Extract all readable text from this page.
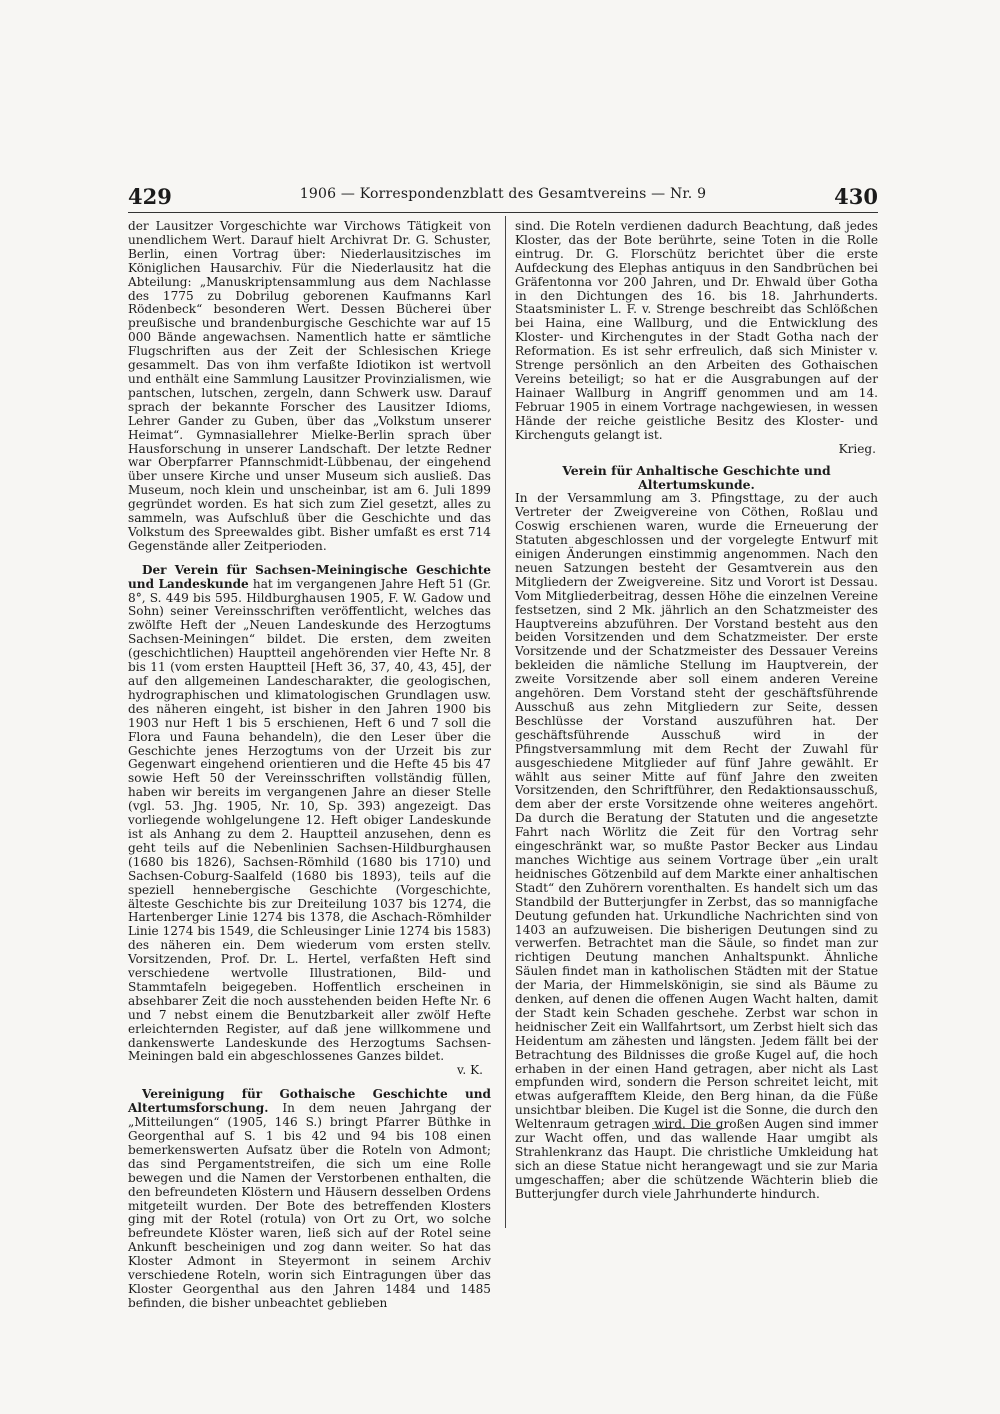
429	1906 — Korrespondenzblatt des Gesamtvereins — Nr. 9	430

der Lausitzer Vorgeschichte war Virchows Tätigkeit von unendlichem Wert. Darauf hielt Archivrat Dr. G. Schuster, Berlin, einen Vortrag über: Niederlausitzisches im Königlichen Hausarchiv. Für die Niederlausitz hat die Abteilung: „Manuskriptensammlung aus dem Nachlasse des 1775 zu Dobrilug geborenen Kaufmanns Karl Rödenbeck“ besonderen Wert. Dessen Bücherei über preußische und brandenburgische Geschichte war auf 15 000 Bände angewachsen. Namentlich hatte er sämtliche Flugschriften aus der Zeit der Schlesischen Kriege gesammelt. Das von ihm verfaßte Idiotikon ist wertvoll und enthält eine Sammlung Lausitzer Provinzialismen, wie pantschen, lutschen, zergeln, dann Schwerk usw. Darauf sprach der bekannte Forscher des Lausitzer Idioms, Lehrer Gander zu Guben, über das „Volkstum unserer Heimat“. Gymnasiallehrer Mielke-Berlin sprach über Hausforschung in unserer Landschaft. Der letzte Redner war Oberpfarrer Pfannschmidt-Lübbenau, der eingehend über unsere Kirche und unser Museum sich ausließ. Das Museum, noch klein und unscheinbar, ist am 6. Juli 1899 gegründet worden. Es hat sich zum Ziel gesetzt, alles zu sammeln, was Aufschluß über die Geschichte und das Volkstum des Spreewaldes gibt. Bisher umfaßt es erst 714 Gegenstände aller Zeitperioden.

Der Verein für Sachsen-Meiningische Geschichte und Landeskunde hat im vergangenen Jahre Heft 51 (Gr. 8°, S. 449 bis 595. Hildburghausen 1905, F. W. Gadow und Sohn) seiner Vereinsschriften veröffentlicht, welches das zwölfte Heft der „Neuen Landeskunde des Herzogtums Sachsen-Meiningen“ bildet. Die ersten, dem zweiten (geschichtlichen) Hauptteil angehörenden vier Hefte Nr. 8 bis 11 (vom ersten Hauptteil [Heft 36, 37, 40, 43, 45], der auf den allgemeinen Landescharakter, die geologischen, hydrographischen und klimatologischen Grundlagen usw. des näheren eingeht, ist bisher in den Jahren 1900 bis 1903 nur Heft 1 bis 5 erschienen, Heft 6 und 7 soll die Flora und Fauna behandeln), die den Leser über die Geschichte jenes Herzogtums von der Urzeit bis zur Gegenwart eingehend orientieren und die Hefte 45 bis 47 sowie Heft 50 der Vereinsschriften vollständig füllen, haben wir bereits im vergangenen Jahre an dieser Stelle (vgl. 53. Jhg. 1905, Nr. 10, Sp. 393) angezeigt. Das vorliegende wohlgelungene 12. Heft obiger Landeskunde ist als Anhang zu dem 2. Hauptteil anzusehen, denn es geht teils auf die Nebenlinien Sachsen-Hildburghausen (1680 bis 1826), Sachsen-Römhild (1680 bis 1710) und Sachsen-Coburg-Saalfeld (1680 bis 1893), teils auf die speziell hennebergische Geschichte (Vorgeschichte, älteste Geschichte bis zur Dreiteilung 1037 bis 1274, die Hartenberger Linie 1274 bis 1378, die Aschach-Römhilder Linie 1274 bis 1549, die Schleusinger Linie 1274 bis 1583) des näheren ein. Dem wiederum vom ersten stellv. Vorsitzenden, Prof. Dr. L. Hertel, verfaßten Heft sind verschiedene wertvolle Illustrationen, Bild- und Stammtafeln beigegeben. Hoffentlich erscheinen in absehbarer Zeit die noch ausstehenden beiden Hefte Nr. 6 und 7 nebst einem die Benutzbarkeit aller zwölf Hefte erleichternden Register, auf daß jene willkommene und dankenswerte Landeskunde des Herzogtums Sachsen-Meiningen bald ein abgeschlossenes Ganzes bildet.

v. K.

Vereinigung für Gothaische Geschichte und Altertumsforschung. In dem neuen Jahrgang der „Mitteilungen“ (1905, 146 S.) bringt Pfarrer Büthke in Georgenthal auf S. 1 bis 42 und 94 bis 108 einen bemerkenswerten Aufsatz über die Roteln von Admont; das sind Pergamentstreifen, die sich um eine Rolle bewegen und die Namen der Verstorbenen enthalten, die den befreundeten Klöstern und Häusern desselben Ordens mitgeteilt wurden. Der Bote des betreffenden Klosters ging mit der Rotel (rotula) von Ort zu Ort, wo solche befreundete Klöster waren, ließ sich auf der Rotel seine Ankunft bescheinigen und zog dann weiter. So hat das Kloster Admont in Steyermont in seinem Archiv verschiedene Roteln, worin sich Eintragungen über das Kloster Georgenthal aus den Jahren 1484 und 1485 befinden, die bisher unbeachtet geblieben

sind. Die Roteln verdienen dadurch Beachtung, daß jedes Kloster, das der Bote berührte, seine Toten in die Rolle eintrug. Dr. G. Florschütz berichtet über die erste Aufdeckung des Elephas antiquus in den Sandbrüchen bei Gräfentonna vor 200 Jahren, und Dr. Ehwald über Gotha in den Dichtungen des 16. bis 18. Jahrhunderts. Staatsminister L. F. v. Strenge beschreibt das Schlößchen bei Haina, eine Wallburg, und die Entwicklung des Kloster- und Kirchengutes in der Stadt Gotha nach der Reformation. Es ist sehr erfreulich, daß sich Minister v. Strenge persönlich an den Arbeiten des Gothaischen Vereins beteiligt; so hat er die Ausgrabungen auf der Hainaer Wallburg in Angriff genommen und am 14. Februar 1905 in einem Vortrage nachgewiesen, in wessen Hände der reiche geistliche Besitz des Kloster- und Kirchenguts gelangt ist.

Krieg.

Verein für Anhaltische Geschichte und Altertumskunde.

In der Versammlung am 3. Pfingsttage, zu der auch Vertreter der Zweigvereine von Cöthen, Roßlau und Coswig erschienen waren, wurde die Erneuerung der Statuten abgeschlossen und der vorgelegte Entwurf mit einigen Änderungen einstimmig angenommen. Nach den neuen Satzungen besteht der Gesamtverein aus den Mitgliedern der Zweigvereine. Sitz und Vorort ist Dessau. Vom Mitgliederbeitrag, dessen Höhe die einzelnen Vereine festsetzen, sind 2 Mk. jährlich an den Schatzmeister des Hauptvereins abzuführen. Der Vorstand besteht aus den beiden Vorsitzenden und dem Schatzmeister. Der erste Vorsitzende und der Schatzmeister des Dessauer Vereins bekleiden die nämliche Stellung im Hauptverein, der zweite Vorsitzende aber soll einem anderen Vereine angehören. Dem Vorstand steht der geschäftsführende Ausschuß aus zehn Mitgliedern zur Seite, dessen Beschlüsse der Vorstand auszuführen hat. Der geschäftsführende Ausschuß wird in der Pfingstversammlung mit dem Recht der Zuwahl für ausgeschiedene Mitglieder auf fünf Jahre gewählt. Er wählt aus seiner Mitte auf fünf Jahre den zweiten Vorsitzenden, den Schriftführer, den Redaktionsausschuß, dem aber der erste Vorsitzende ohne weiteres angehört. Da durch die Beratung der Statuten und die angesetzte Fahrt nach Wörlitz die Zeit für den Vortrag sehr eingeschränkt war, so mußte Pastor Becker aus Lindau manches Wichtige aus seinem Vortrage über „ein uralt heidnisches Götzenbild auf dem Markte einer anhaltischen Stadt“ den Zuhörern vorenthalten. Es handelt sich um das Standbild der Butterjungfer in Zerbst, das so mannigfache Deutung gefunden hat. Urkundliche Nachrichten sind von 1403 an aufzuweisen. Die bisherigen Deutungen sind zu verwerfen. Betrachtet man die Säule, so findet man zur richtigen Deutung manchen Anhaltspunkt. Ähnliche Säulen findet man in katholischen Städten mit der Statue der Maria, der Himmelskönigin, sie sind als Bäume zu denken, auf denen die offenen Augen Wacht halten, damit der Stadt kein Schaden geschehe. Zerbst war schon in heidnischer Zeit ein Wallfahrtsort, um Zerbst hielt sich das Heidentum am zähesten und längsten. Jedem fällt bei der Betrachtung des Bildnisses die große Kugel auf, die hoch erhaben in der einen Hand getragen, aber nicht als Last empfunden wird, sondern die Person schreitet leicht, mit etwas aufgerafftem Kleide, den Berg hinan, da die Füße unsichtbar bleiben. Die Kugel ist die Sonne, die durch den Weltenraum getragen wird. Die großen Augen sind immer zur Wacht offen, und das wallende Haar umgibt als Strahlenkranz das Haupt. Die christliche Umkleidung hat sich an diese Statue nicht herangewagt und sie zur Maria umgeschaffen; aber die schützende Wächterin blieb die Butterjungfer durch viele Jahrhunderte hindurch.
